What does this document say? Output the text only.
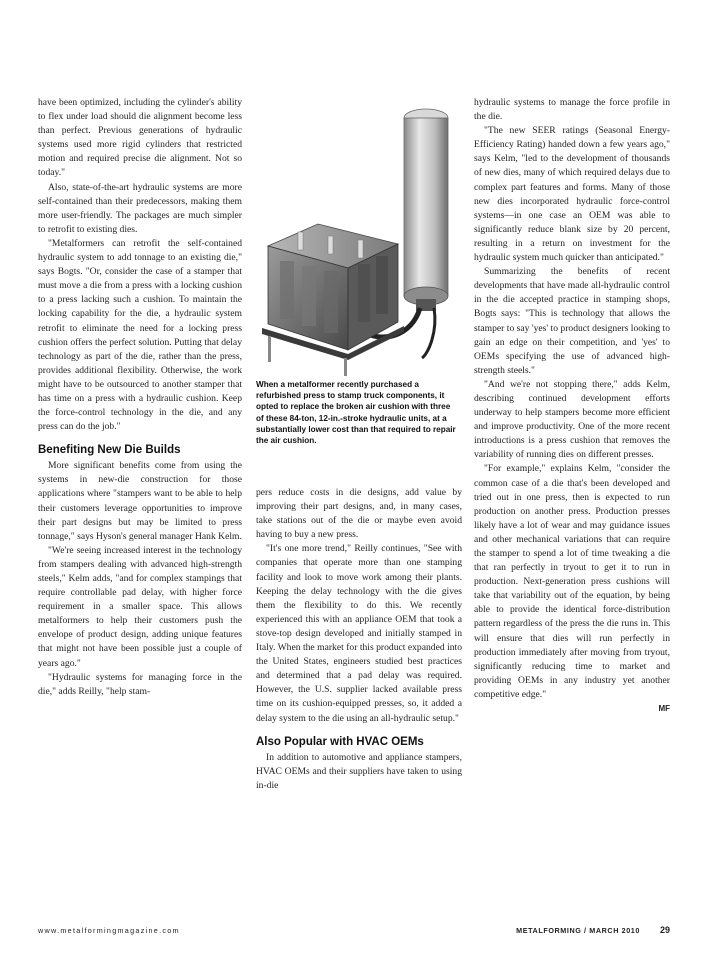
have been optimized, including the cylinder's ability to flex under load should die alignment become less than perfect. Previous generations of hydraulic systems used more rigid cylinders that restricted motion and required precise die alignment. Not so today."

Also, state-of-the-art hydraulic systems are more self-contained than their predecessors, making them more user-friendly. The packages are much simpler to retrofit to existing dies.

"Metalformers can retrofit the self-contained hydraulic system to add tonnage to an existing die," says Bogts. "Or, consider the case of a stamper that must move a die from a press with a locking cushion to a press lacking such a cushion. To maintain the locking capability for the die, a hydraulic system retrofit to eliminate the need for a locking press cushion offers the perfect solution. Putting that delay technology as part of the die, rather than the press, provides additional flexibility. Otherwise, the work might have to be outsourced to another stamper that has time on a press with a hydraulic cushion. Keep the force-control technology in the die, and any press can do the job."

Benefiting New Die Builds

More significant benefits come from using the systems in new-die construction for those applications where "stampers want to be able to help their customers leverage opportunities to improve their part designs but may be limited to press tonnage," says Hyson's general manager Hank Kelm.

"We're seeing increased interest in the technology from stampers dealing with advanced high-strength steels," Kelm adds, "and for complex stampings that require controllable pad delay, with higher force requirement in a smaller space. This allows metalformers to help their customers push the envelope of product design, adding unique features that might not have been possible just a couple of years ago."

"Hydraulic systems for managing force in the die," adds Reilly, "help stam-

When a metalformer recently purchased a refurbished press to stamp truck components, it opted to replace the broken air cushion with three of these 84-ton, 12-in.-stroke hydraulic units, at a substantially lower cost than that required to repair the air cushion.

pers reduce costs in die designs, add value by improving their part designs, and, in many cases, take stations out of the die or maybe even avoid having to buy a new press.

"It's one more trend," Reilly continues, "See with companies that operate more than one stamping facility and look to move work among their plants. Keeping the delay technology with the die gives them the flexibility to do this. We recently experienced this with an appliance OEM that took a stove-top design developed and initially stamped in Italy. When the market for this product expanded into the United States, engineers studied best practices and determined that a pad delay was required. However, the U.S. supplier lacked available press time on its cushion-equipped presses, so, it added a delay system to the die using an all-hydraulic setup."

Also Popular with HVAC OEMs

In addition to automotive and appliance stampers, HVAC OEMs and their suppliers have taken to using in-die

hydraulic systems to manage the force profile in the die.

"The new SEER ratings (Seasonal Energy-Efficiency Rating) handed down a few years ago," says Kelm, "led to the development of thousands of new dies, many of which required delays due to complex part features and forms. Many of those new dies incorporated hydraulic force-control systems—in one case an OEM was able to significantly reduce blank size by 20 percent, resulting in a return on investment for the hydraulic system much quicker than anticipated."

Summarizing the benefits of recent developments that have made all-hydraulic control in the die accepted practice in stamping shops, Bogts says: "This is technology that allows the stamper to say 'yes' to product designers looking to gain an edge on their competition, and 'yes' to OEMs specifying the use of advanced high-strength steels."

"And we're not stopping there," adds Kelm, describing continued development efforts underway to help stampers become more efficient and improve productivity. One of the more recent introductions is a press cushion that removes the variability of running dies on different presses.

"For example," explains Kelm, "consider the common case of a die that's been developed and tried out in one press, then is expected to run production on another press. Production presses likely have a lot of wear and may guidance issues and other mechanical variations that can require the stamper to spend a lot of time tweaking a die that ran perfectly in tryout to get it to run in production. Next-generation press cushions will take that variability out of the equation, by being able to provide the identical force-distribution pattern regardless of the press the die runs in. This will ensure that dies will run perfectly in production immediately after moving from tryout, significantly reducing time to market and providing OEMs in any industry yet another competitive edge."

MF
www.metalformingmagazine.com	METALFORMING / MARCH 2010 29
